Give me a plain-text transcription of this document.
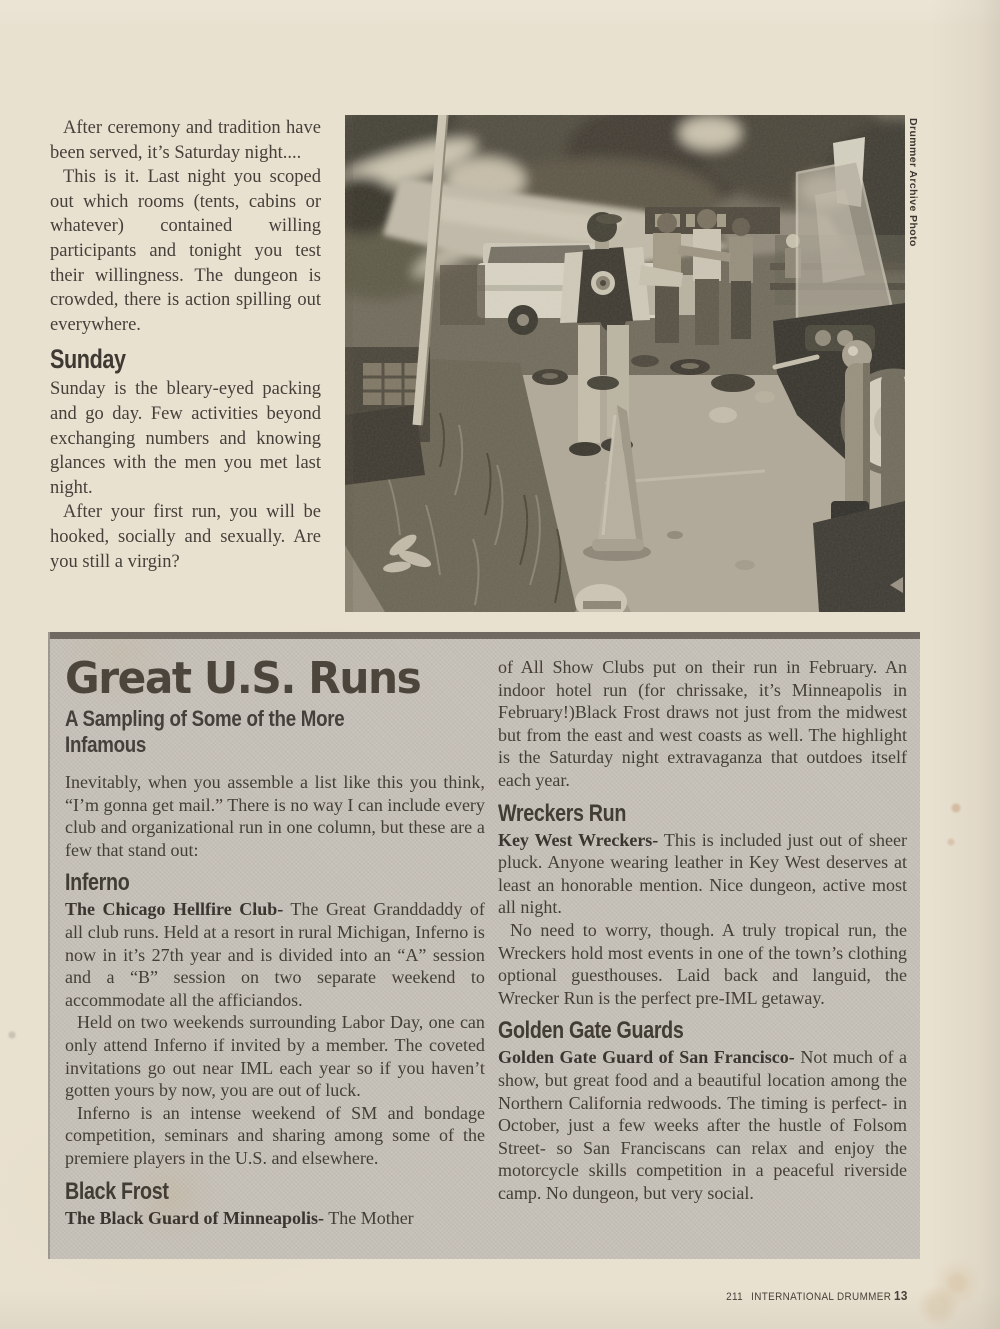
After ceremony and tradition have been served, it’s Saturday night....

This is it. Last night you scoped out which rooms (tents, cabins or whatever) contained willing participants and tonight you test their willingness. The dungeon is crowded, there is action spilling out everywhere.

Sunday

Sunday is the bleary-eyed packing and go day. Few activities beyond exchanging numbers and knowing glances with the men you met last night.

After your first run, you will be hooked, socially and sexually. Are you still a virgin?

Drummer Archive Photo
Great U.S. Runs
A Sampling of Some of the More Infamous

Inevitably, when you assemble a list like this you think, “I’m gonna get mail.” There is no way I can include every club and organizational run in one column, but these are a few that stand out:

Inferno

The Chicago Hellfire Club- The Great Granddaddy of all club runs. Held at a resort in rural Michigan, Inferno is now in it’s 27th year and is divided into an “A” session and a “B” session on two separate weekend to accommodate all the afficiandos.

Held on two weekends surrounding Labor Day, one can only attend Inferno if invited by a member. The coveted invitations go out near IML each year so if you haven’t gotten yours by now, you are out of luck.

Inferno is an intense weekend of SM and bondage competition, seminars and sharing among some of the premiere players in the U.S. and elsewhere.

Black Frost

The Black Guard of Minneapolis- The Mother

of All Show Clubs put on their run in February. An indoor hotel run (for chrissake, it’s Minneapolis in February!)Black Frost draws not just from the midwest but from the east and west coasts as well. The highlight is the Saturday night extravaganza that outdoes itself each year.

Wreckers Run

Key West Wreckers- This is included just out of sheer pluck. Anyone wearing leather in Key West deserves at least an honorable mention. Nice dungeon, active most all night.

No need to worry, though. A truly tropical run, the Wreckers hold most events in one of the town’s clothing optional guesthouses. Laid back and languid, the Wrecker Run is the perfect pre-IML getaway.

Golden Gate Guards

Golden Gate Guard of San Francisco- Not much of a show, but great food and a beautiful location among the Northern California redwoods. The timing is perfect- in October, just a few weeks after the hustle of Folsom Street- so San Franciscans can relax and enjoy the motorcycle skills competition in a peaceful riverside camp. No dungeon, but very social.

211 INTERNATIONAL DRUMMER 13
